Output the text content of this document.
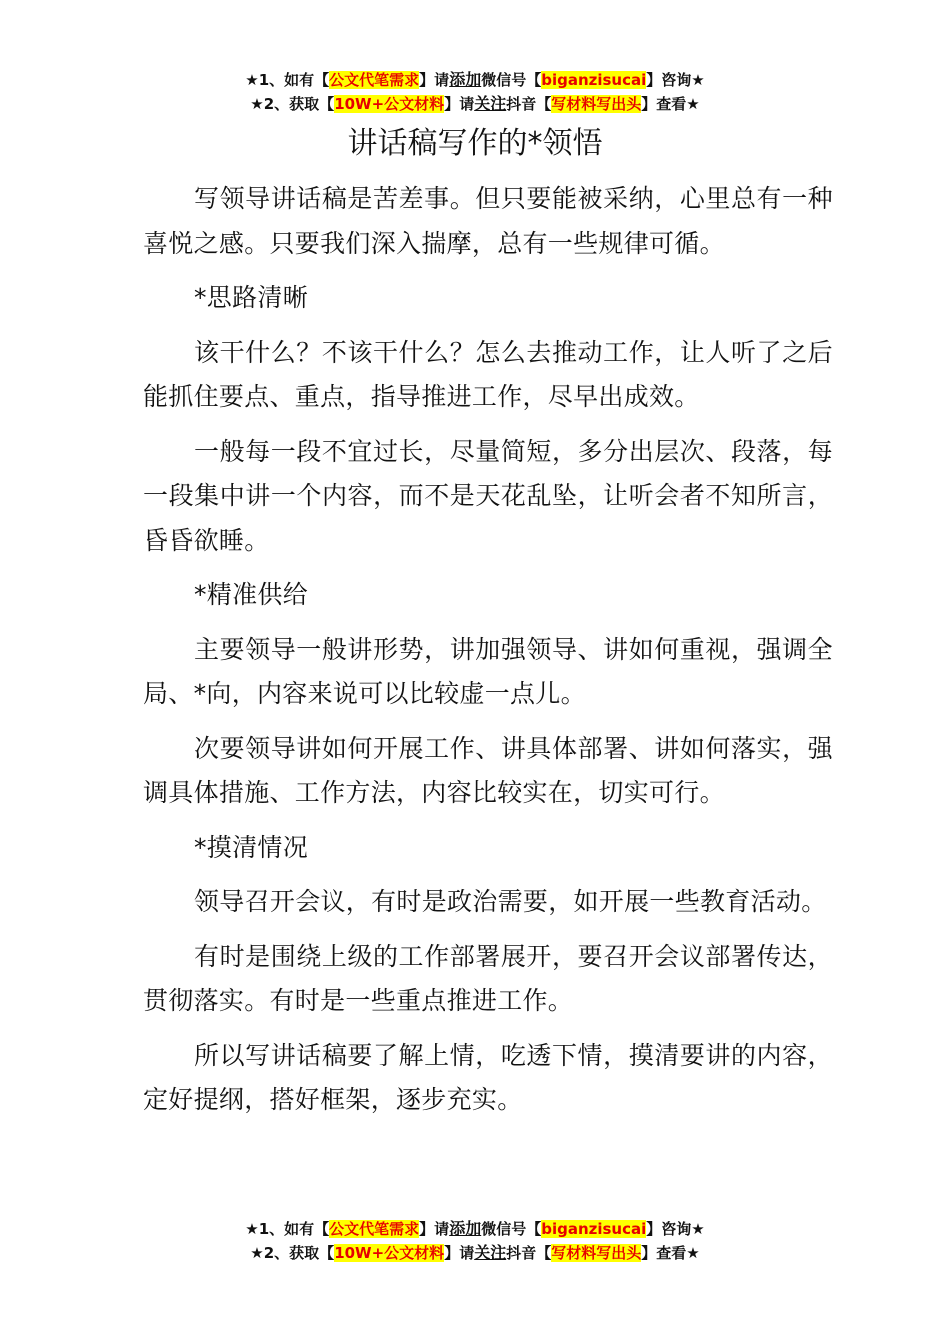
★1、如有【公文代笔需求】请添加微信号【biganzisucai】咨询★
★2、获取【10W+公文材料】请关注抖音【写材料写出头】查看★
讲话稿写作的*领悟

写领导讲话稿是苦差事。但只要能被采纳，心里总有一种喜悦之感。只要我们深入揣摩，总有一些规律可循。

*思路清晰

该干什么？不该干什么？怎么去推动工作，让人听了之后能抓住要点、重点，指导推进工作，尽早出成效。

一般每一段不宜过长，尽量简短，多分出层次、段落，每一段集中讲一个内容，而不是天花乱坠，让听会者不知所言，昏昏欲睡。

*精准供给

主要领导一般讲形势，讲加强领导、讲如何重视，强调全局、*向，内容来说可以比较虚一点儿。

次要领导讲如何开展工作、讲具体部署、讲如何落实，强调具体措施、工作方法，内容比较实在，切实可行。

*摸清情况

领导召开会议，有时是政治需要，如开展一些教育活动。

有时是围绕上级的工作部署展开，要召开会议部署传达，贯彻落实。有时是一些重点推进工作。

所以写讲话稿要了解上情，吃透下情，摸清要讲的内容，定好提纲，搭好框架，逐步充实。

★1、如有【公文代笔需求】请添加微信号【biganzisucai】咨询★
★2、获取【10W+公文材料】请关注抖音【写材料写出头】查看★
